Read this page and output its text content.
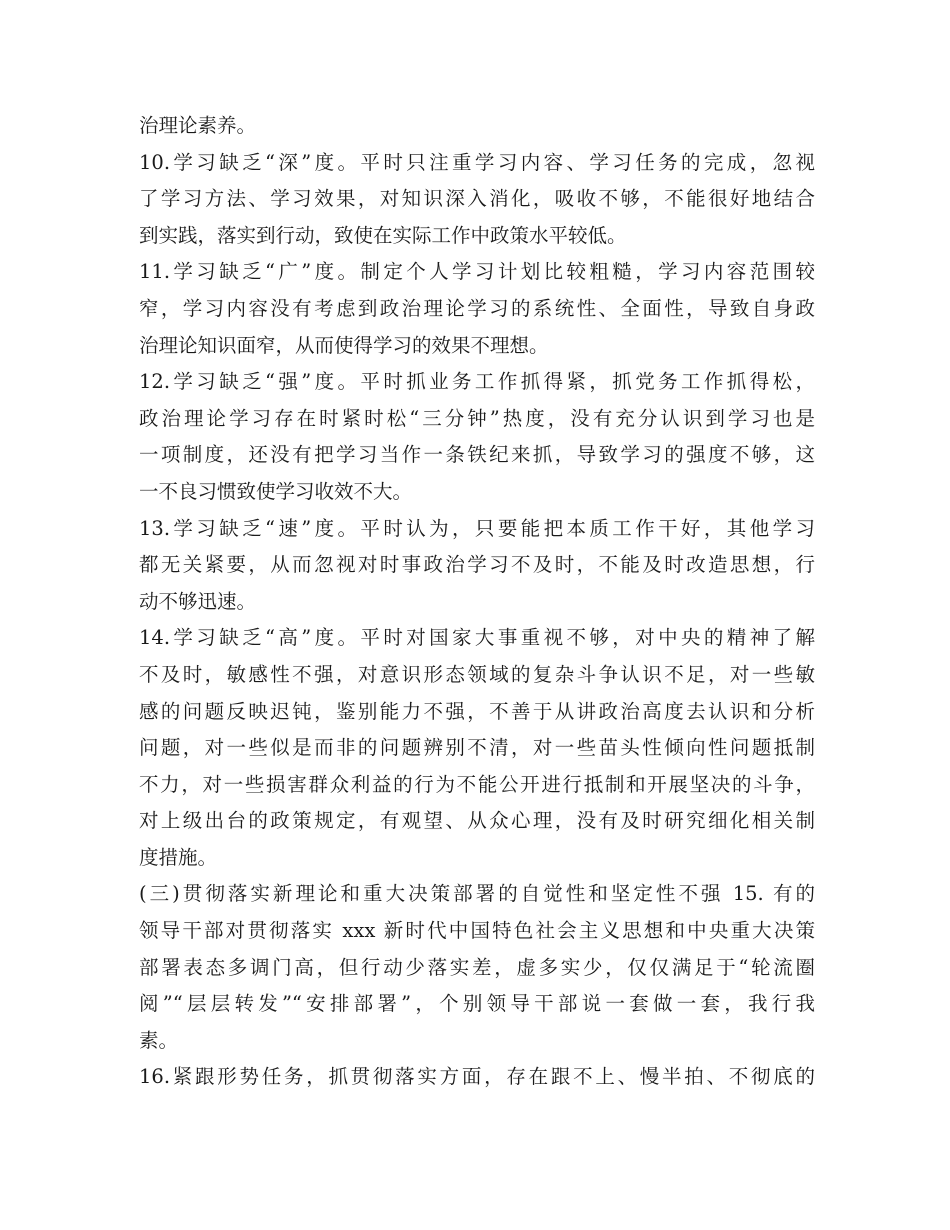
治理论素养。
10.学习缺乏“深”度。平时只注重学习内容、学习任务的完成，忽视
了学习方法、学习效果，对知识深入消化，吸收不够，不能很好地结合
到实践，落实到行动，致使在实际工作中政策水平较低。
11.学习缺乏“广”度。制定个人学习计划比较粗糙，学习内容范围较
窄，学习内容没有考虑到政治理论学习的系统性、全面性，导致自身政
治理论知识面窄，从而使得学习的效果不理想。
12.学习缺乏“强”度。平时抓业务工作抓得紧，抓党务工作抓得松，
政治理论学习存在时紧时松“三分钟”热度，没有充分认识到学习也是
一项制度，还没有把学习当作一条铁纪来抓，导致学习的强度不够，这
一不良习惯致使学习收效不大。
13.学习缺乏“速”度。平时认为，只要能把本质工作干好，其他学习
都无关紧要，从而忽视对时事政治学习不及时，不能及时改造思想，行
动不够迅速。
14.学习缺乏“高”度。平时对国家大事重视不够，对中央的精神了解
不及时，敏感性不强，对意识形态领域的复杂斗争认识不足，对一些敏
感的问题反映迟钝，鉴别能力不强，不善于从讲政治高度去认识和分析
问题，对一些似是而非的问题辨别不清，对一些苗头性倾向性问题抵制
不力，对一些损害群众利益的行为不能公开进行抵制和开展坚决的斗争，
对上级出台的政策规定，有观望、从众心理，没有及时研究细化相关制
度措施。
(三)贯彻落实新理论和重大决策部署的自觉性和坚定性不强 15. 有的
领导干部对贯彻落实 xxx 新时代中国特色社会主义思想和中央重大决策
部署表态多调门高，但行动少落实差，虚多实少，仅仅满足于“轮流圈
阅”“层层转发”“安排部署”，个别领导干部说一套做一套，我行我
素。
16.紧跟形势任务，抓贯彻落实方面，存在跟不上、慢半拍、不彻底的
